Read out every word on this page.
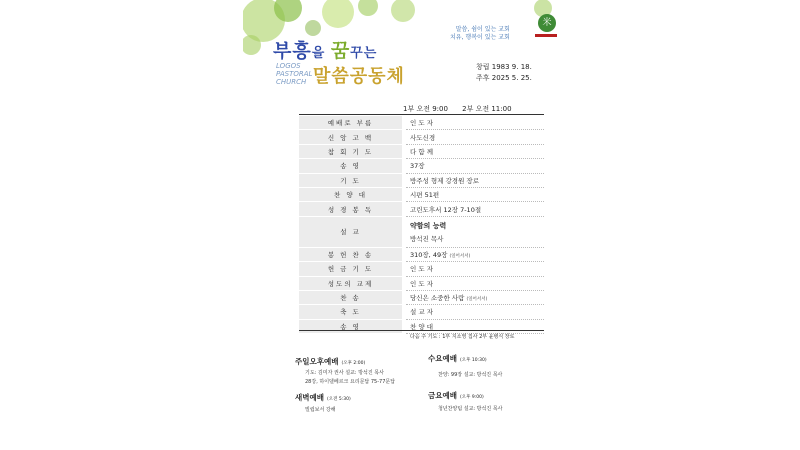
부흥을 꿈꾸는
LOGOS
PASTORAL
CHURCH 말씀공동체
말씀, 쉼이 있는 교회
치유, 행복이 있는 교회
米
창립 1983 9. 18.
주후 2025 5. 25.
1부 오전 9:00 2부 오전 11:00
예배로 부름		인 도 자
신 앙 고 백		사도신경
참 회 기 도		다 함 께
송 영		37장
기 도		방주성 형제 강경원 장로
찬 양 대		시편 51편
성 경 봉 독		고린도후서 12장 7-10절
설 교		약함의 능력
방석진 목사
봉 헌 찬 송		310장, 49장 (일어서서)
헌 금 기 도		인 도 자
성도의 교제		인 도 자
찬 송		당신은 소중한 사람 (일어서서)
축 도		설 교 자
송 영		찬 양 대
다음 주 기도 : 1부 지소영 집사 2부 윤병식 장로
주일오후예배 (오후 2:00)
기도: 김미자 권사 설교: 방석진 목사
28강, 하이델베르크 요리문답 75-77문답
새벽예배 (오전 5:30)
빌립보서 강해
수요예배 (오후 10:30)
찬양: 99장 설교: 방석진 목사
금요예배 (오후 9:00)
청년찬양팀 설교: 방석진 목사
